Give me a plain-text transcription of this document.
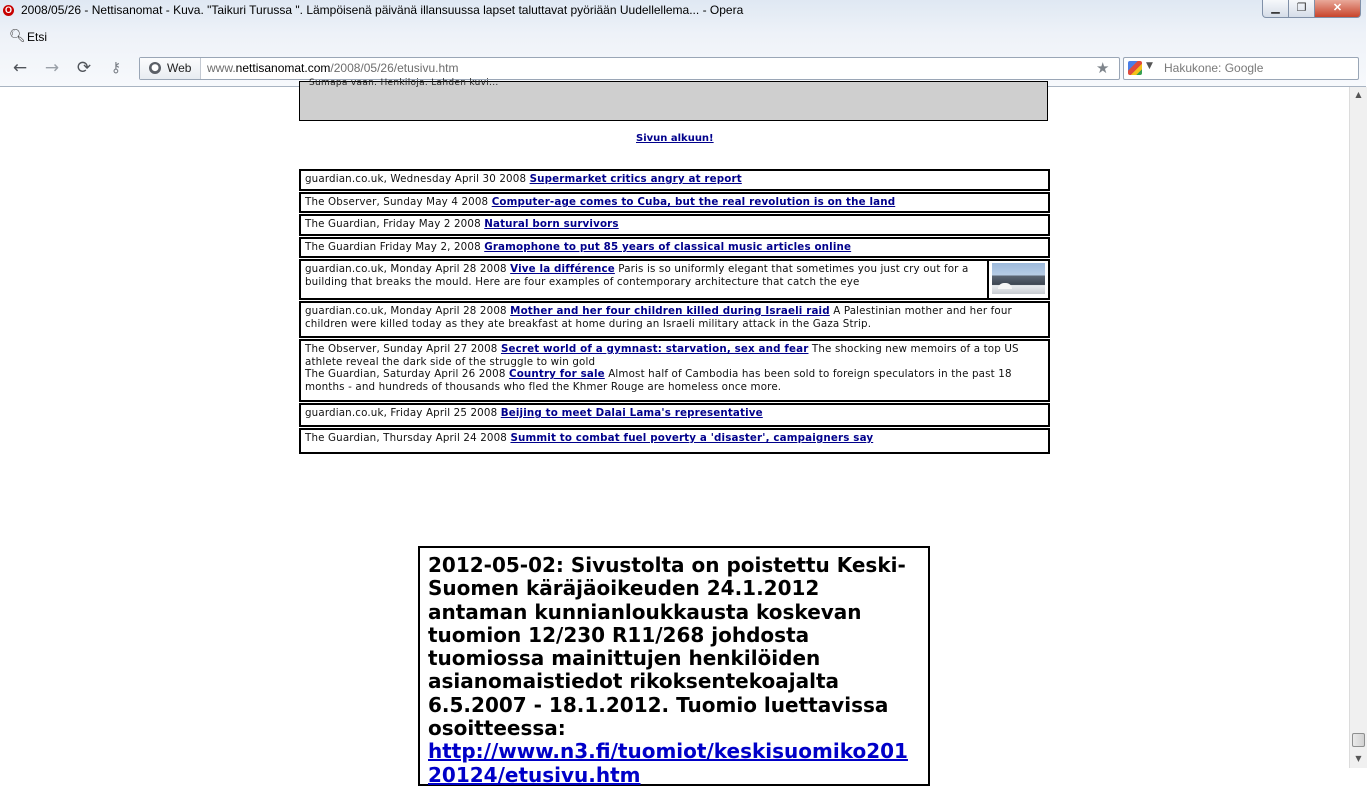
O 2008/05/26 - Nettisanomat - Kuva. "Taikuri Turussa ". Lämpöisenä päivänä illansuussa lapset taluttavat pyöriään Uudellellema... - Opera	▁	❐	✕
🔍︎ Etsi
← → ⟳	⚷	● Web www.nettisanomat.com/2008/05/26/etusivu.htm	★	▼ Hakukone: Google
Sumapa vaan. Henkiloja. Lahden kuvi...
Sivun alkuun!
guardian.co.uk, Wednesday April 30 2008 Supermarket critics angry at report
The Observer, Sunday May 4 2008 Computer-age comes to Cuba, but the real revolution is on the land
The Guardian, Friday May 2 2008 Natural born survivors
The Guardian Friday May 2, 2008 Gramophone to put 85 years of classical music articles online
guardian.co.uk, Monday April 28 2008 Vive la différence Paris is so uniformly elegant that sometimes you just cry out for a building that breaks the mould. Here are four examples of contemporary architecture that catch the eye
guardian.co.uk, Monday April 28 2008 Mother and her four children killed during Israeli raid A Palestinian mother and her four children were killed today as they ate breakfast at home during an Israeli military attack in the Gaza Strip.
The Observer, Sunday April 27 2008 Secret world of a gymnast: starvation, sex and fear The shocking new memoirs of a top US athlete reveal the dark side of the struggle to win gold
The Guardian, Saturday April 26 2008 Country for sale Almost half of Cambodia has been sold to foreign speculators in the past 18 months - and hundreds of thousands who fled the Khmer Rouge are homeless once more.
guardian.co.uk, Friday April 25 2008 Beijing to meet Dalai Lama's representative
The Guardian, Thursday April 24 2008 Summit to combat fuel poverty a 'disaster', campaigners say

2012-05-02: Sivustolta on poistettu Keski-Suomen käräjäoikeuden 24.1.2012 antaman kunnianloukkausta koskevan tuomion 12/230 R11/268 johdosta tuomiossa mainittujen henkilöiden asianomaistiedot rikoksentekoajalta 6.5.2007 - 18.1.2012. Tuomio luettavissa osoitteessa: http://www.n3.fi/tuomiot/keskisuomiko20120124/etusivu.htm

▲
▼
